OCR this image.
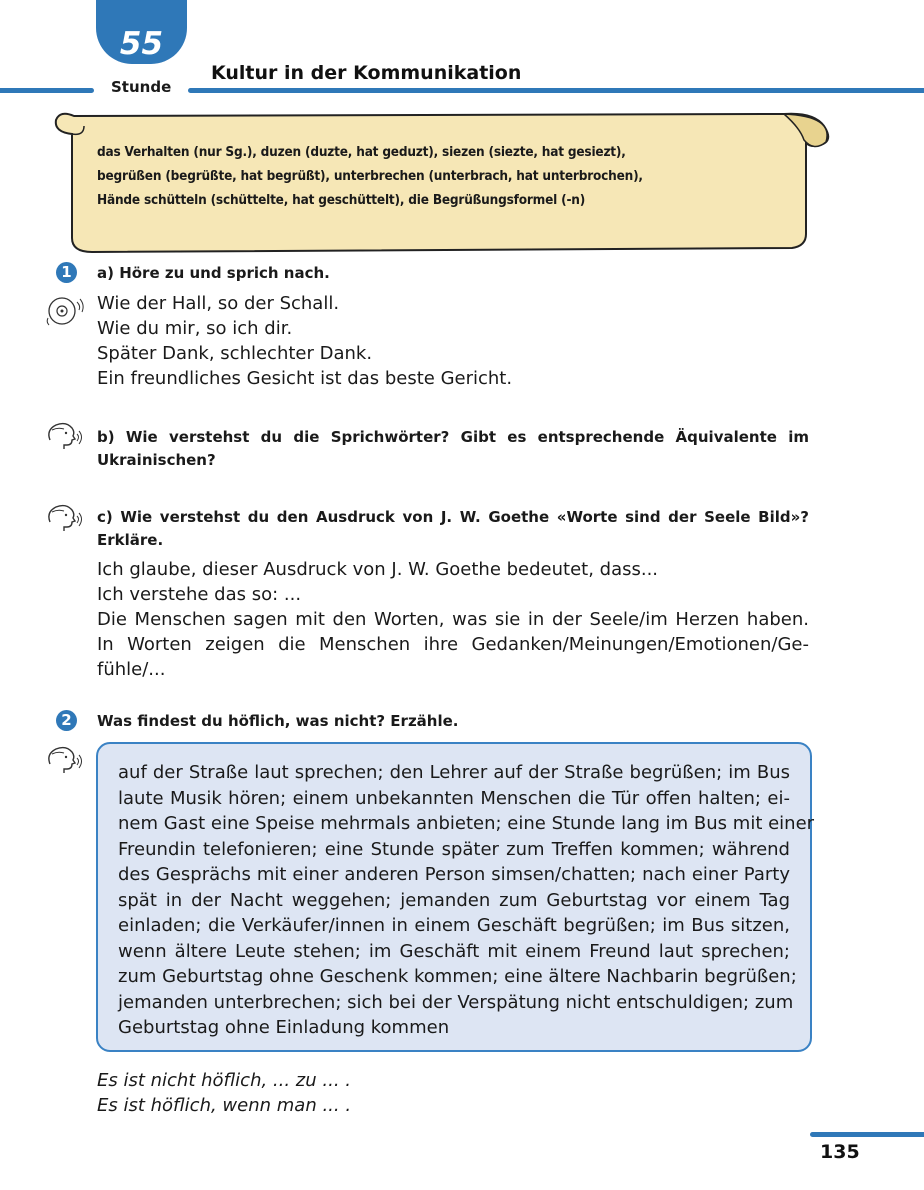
55
Stunde
Kultur in der Kommunikation
das Verhalten (nur Sg.), duzen (duzte, hat geduzt), siezen (siezte, hat gesiezt),
begrüßen (begrüßte, hat begrüßt), unterbrechen (unterbrach, hat unterbrochen),
Hände schütteln (schüttelte, hat geschüttelt), die Begrüßungsformel (-n)
1	a) Höre zu und sprich nach.
Wie der Hall, so der Schall.
Wie du mir, so ich dir.
Später Dank, schlechter Dank.
Ein freundliches Gesicht ist das beste Gericht.
b) Wie verstehst du die Sprichwörter? Gibt es entsprechende Äquivalente im
Ukrainischen?
c) Wie verstehst du den Ausdruck von J. W. Goethe «Worte sind der Seele Bild»?
Erkläre.
Ich glaube, dieser Ausdruck von J. W. Goethe bedeutet, dass...
Ich verstehe das so: ...
Die Menschen sagen mit den Worten, was sie in der Seele/im Herzen haben.
In Worten zeigen die Menschen ihre Gedanken/Meinungen/Emotionen/Ge-
fühle/...
2	Was findest du höflich, was nicht? Erzähle.
auf der Straße laut sprechen; den Lehrer auf der Straße begrüßen; im Bus
laute Musik hören; einem unbekannten Menschen die Tür offen halten; ei-
nem Gast eine Speise mehrmals anbieten; eine Stunde lang im Bus mit einer
Freundin telefonieren; eine Stunde später zum Treffen kommen; während
des Gesprächs mit einer anderen Person simsen/chatten; nach einer Party
spät in der Nacht weggehen; jemanden zum Geburtstag vor einem Tag
einladen; die Verkäufer/innen in einem Geschäft begrüßen; im Bus sitzen,
wenn ältere Leute stehen; im Geschäft mit einem Freund laut sprechen;
zum Geburtstag ohne Geschenk kommen; eine ältere Nachbarin begrüßen;
jemanden unterbrechen; sich bei der Verspätung nicht entschuldigen; zum
Geburtstag ohne Einladung kommen
Es ist nicht höflich, ... zu ... .
Es ist höflich, wenn man ... .
135
